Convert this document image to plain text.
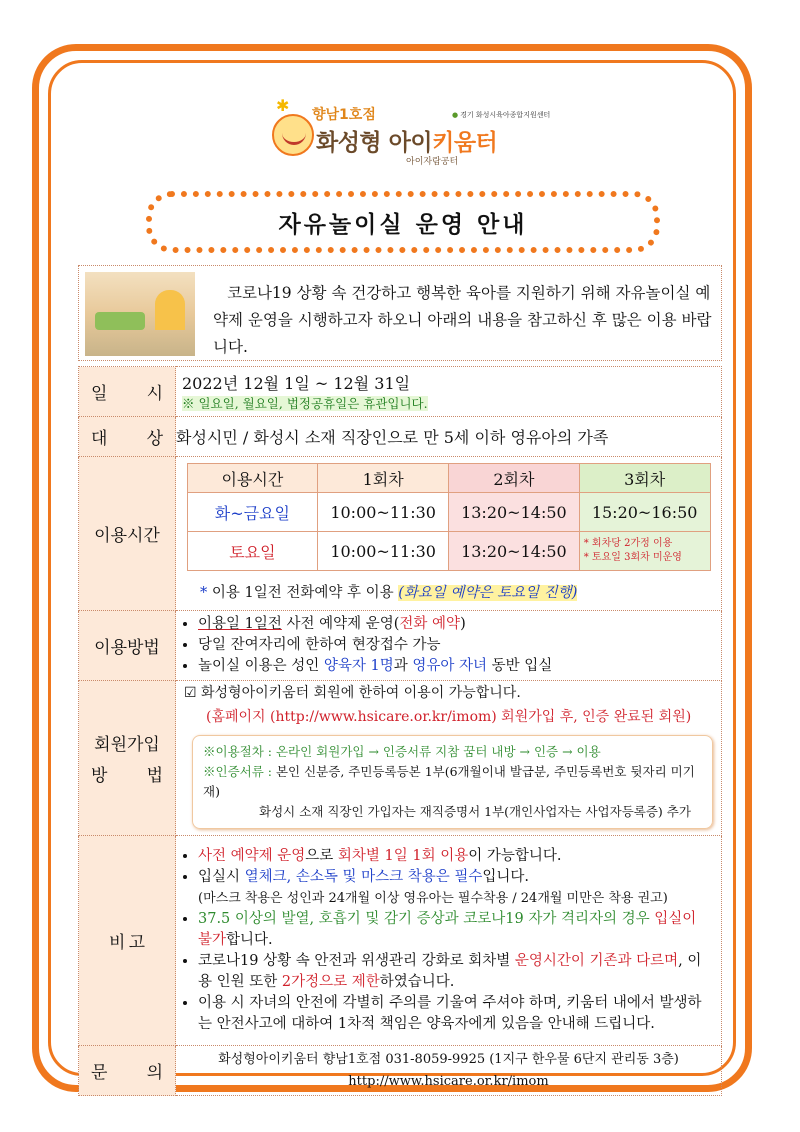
✱ 향남1호점
●	경기 화성시육아종합지원센터
화성형 아이키움터
아이자람공터
자유놀이실 운영 안내
코로나19 상황 속 건강하고 행복한 육아를 지원하기 위해 자유놀이실 예약제 운영을 시행하고자 하오니 아래의 내용을 참고하신 후 많은 이용 바랍니다.
일 시

2022년 12월 1일 ~ 12월 31일
※ 일요일, 월요일, 법정공휴일은 휴관입니다.

대 상	화성시민 / 화성시 소재 직장인으로 만 5세 이하 영유아의 가족
이용시간	
이용시간	1회차	2회차	3회차
화~금요일	10:00~11:30	13:20~14:50	15:20~16:50
토요일	10:00~11:30	13:20~14:50	* 회차당 2가정 이용
* 토요일 3회차 미운영
* 이용 1일전 전화예약 후 이용 (화요일 예약은 토요일 진행)

이용방법	
• 이용일 1일전 사전 예약제 운영(전화 예약)
• 당일 잔여자리에 한하여 현장접수 가능
• 놀이실 이용은 성인 양육자 1명과 영유아 자녀 동반 입실

회원가입
방 법

☑ 화성형아이키움터 회원에 한하여 이용이 가능합니다.
(홈페이지 (http://www.hsicare.or.kr/imom) 회원가입 후, 인증 완료된 회원)
※이용절차 : 온라인 회원가입 → 인증서류 지참 꿈터 내방 → 인증 → 이용
※인증서류 : 본인 신분증, 주민등록등본 1부(6개월이내 발급분, 주민등록번호 뒷자리 미기재)
화성시 소재 직장인 가입자는 재직증명서 1부(개인사업자는 사업자등록증) 추가

비 고

• 사전 예약제 운영으로 회차별 1일 1회 이용이 가능합니다.
• 입실시 열체크, 손소독 및 마스크 착용은 필수입니다.
(마스크 착용은 성인과 24개월 이상 영유아는 필수착용 / 24개월 미만은 착용 권고)
• 37.5 이상의 발열, 호흡기 및 감기 증상과 코로나19 자가 격리자의 경우 입실이 불가합니다.
• 코로나19 상황 속 안전과 위생관리 강화로 회차별 운영시간이 기존과 다르며, 이용 인원 또한 2가정으로 제한하였습니다.
• 이용 시 자녀의 안전에 각별히 주의를 기울여 주셔야 하며, 키움터 내에서 발생하는 안전사고에 대하여 1차적 책임은 양육자에게 있음을 안내해 드립니다.

문 의

화성형아이키움터 향남1호점 031-8059-9925 (1지구 한우물 6단지 관리동 3층)
http://www.hsicare.or.kr/imom
